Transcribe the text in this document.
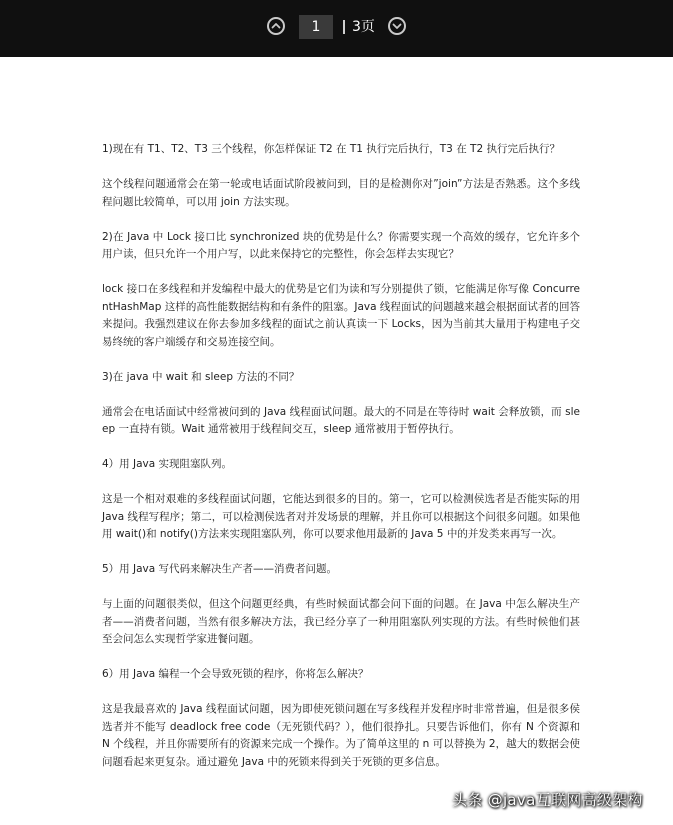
1
3页

1)现在有 T1、T2、T3 三个线程，你怎样保证 T2 在 T1 执行完后执行，T3 在 T2 执行完后执行？

这个线程问题通常会在第一轮或电话面试阶段被问到，目的是检测你对”join”方法是否熟悉。这个多线程问题比较简单，可以用 join 方法实现。

2)在 Java 中 Lock 接口比 synchronized 块的优势是什么？你需要实现一个高效的缓存，它允许多个用户读，但只允许一个用户写，以此来保持它的完整性，你会怎样去实现它？

lock 接口在多线程和并发编程中最大的优势是它们为读和写分别提供了锁，它能满足你写像 ConcurrentHashMap 这样的高性能数据结构和有条件的阻塞。Java 线程面试的问题越来越会根据面试者的回答来提问。我强烈建议在你去参加多线程的面试之前认真读一下 Locks，因为当前其大量用于构建电子交易终统的客户端缓存和交易连接空间。

3)在 java 中 wait 和 sleep 方法的不同？

通常会在电话面试中经常被问到的 Java 线程面试问题。最大的不同是在等待时 wait 会释放锁，而 sleep 一直持有锁。Wait 通常被用于线程间交互，sleep 通常被用于暂停执行。

4）用 Java 实现阻塞队列。

这是一个相对艰难的多线程面试问题，它能达到很多的目的。第一，它可以检测侯选者是否能实际的用 Java 线程写程序；第二，可以检测侯选者对并发场景的理解，并且你可以根据这个问很多问题。如果他用 wait()和 notify()方法来实现阻塞队列，你可以要求他用最新的 Java 5 中的并发类来再写一次。

5）用 Java 写代码来解决生产者——消费者问题。

与上面的问题很类似，但这个问题更经典，有些时候面试都会问下面的问题。在 Java 中怎么解决生产者——消费者问题，当然有很多解决方法，我已经分享了一种用阻塞队列实现的方法。有些时候他们甚至会问怎么实现哲学家进餐问题。

6）用 Java 编程一个会导致死锁的程序，你将怎么解决？

这是我最喜欢的 Java 线程面试问题，因为即使死锁问题在写多线程并发程序时非常普遍，但是很多侯选者并不能写 deadlock free code（无死锁代码？），他们很挣扎。只要告诉他们，你有 N 个资源和 N 个线程，并且你需要所有的资源来完成一个操作。为了简单这里的 n 可以替换为 2，越大的数据会使问题看起来更复杂。通过避免 Java 中的死锁来得到关于死锁的更多信息。

头条 @java互联网高级架构
